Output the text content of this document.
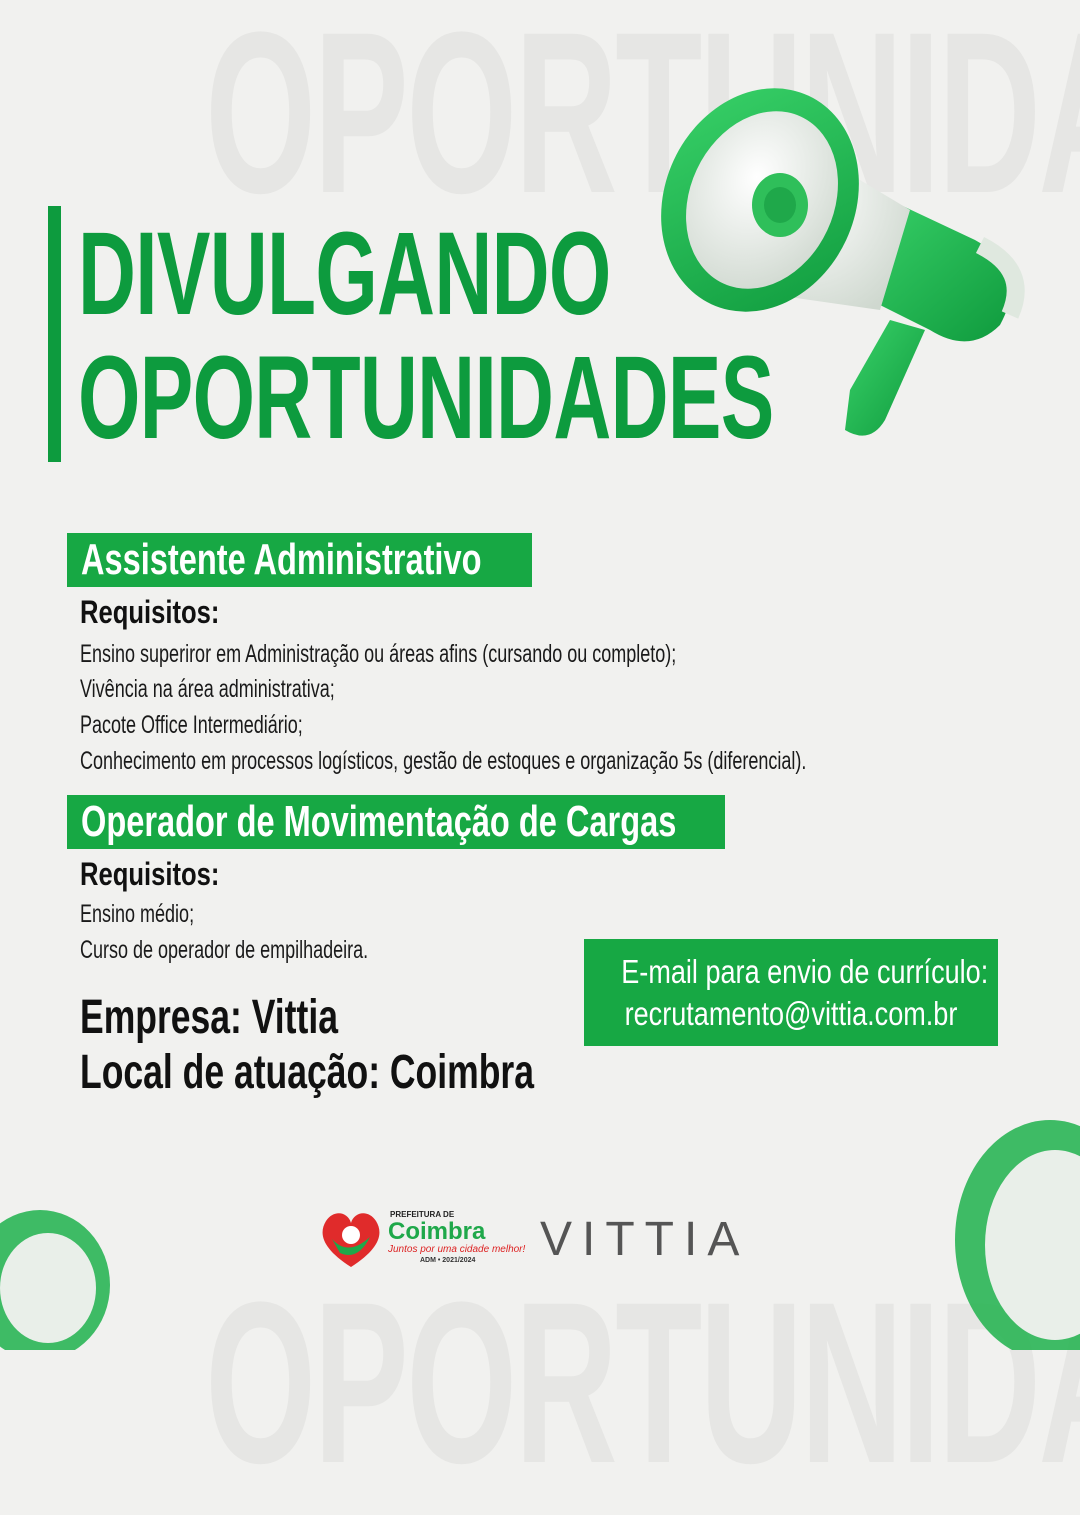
DIVULGANDO
OPORTUNIDADES
Assistente Administrativo
Requisitos:
Ensino superiror em Administração ou áreas afins (cursando ou completo);
Vivência na área administrativa;
Pacote Office Intermediário;
Conhecimento em processos logísticos, gestão de estoques e organização 5s (diferencial).
Operador de Movimentação de Cargas
Requisitos:
Ensino médio;
Curso de operador de empilhadeira.
Empresa: Vittia
Local de atuação: Coimbra
E-mail para envio de currículo:
recrutamento@vittia.com.br
PREFEITURA DE
Coimbra
Juntos por uma cidade melhor!
ADM • 2021/2024 VITTIA
